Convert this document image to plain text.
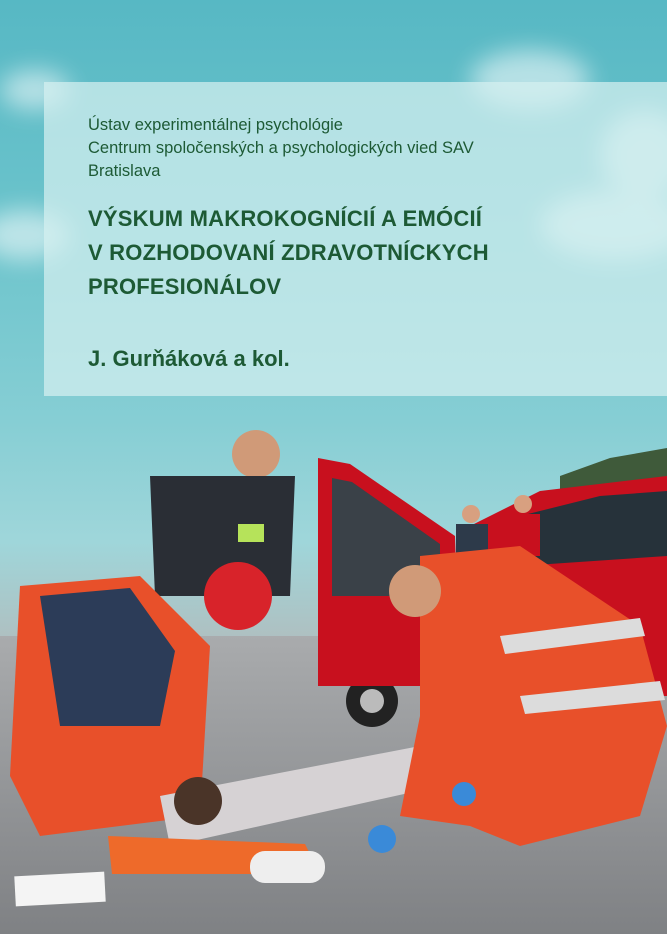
Ústav experimentálnej psychológie
Centrum spoločenských a psychologických vied SAV
Bratislava
VÝSKUM MAKROKOGNÍCIÍ A EMÓCIÍ
V ROZHODOVANÍ ZDRAVOTNÍCKYCH
PROFESIONÁLOV
J. Gurňáková a kol.
